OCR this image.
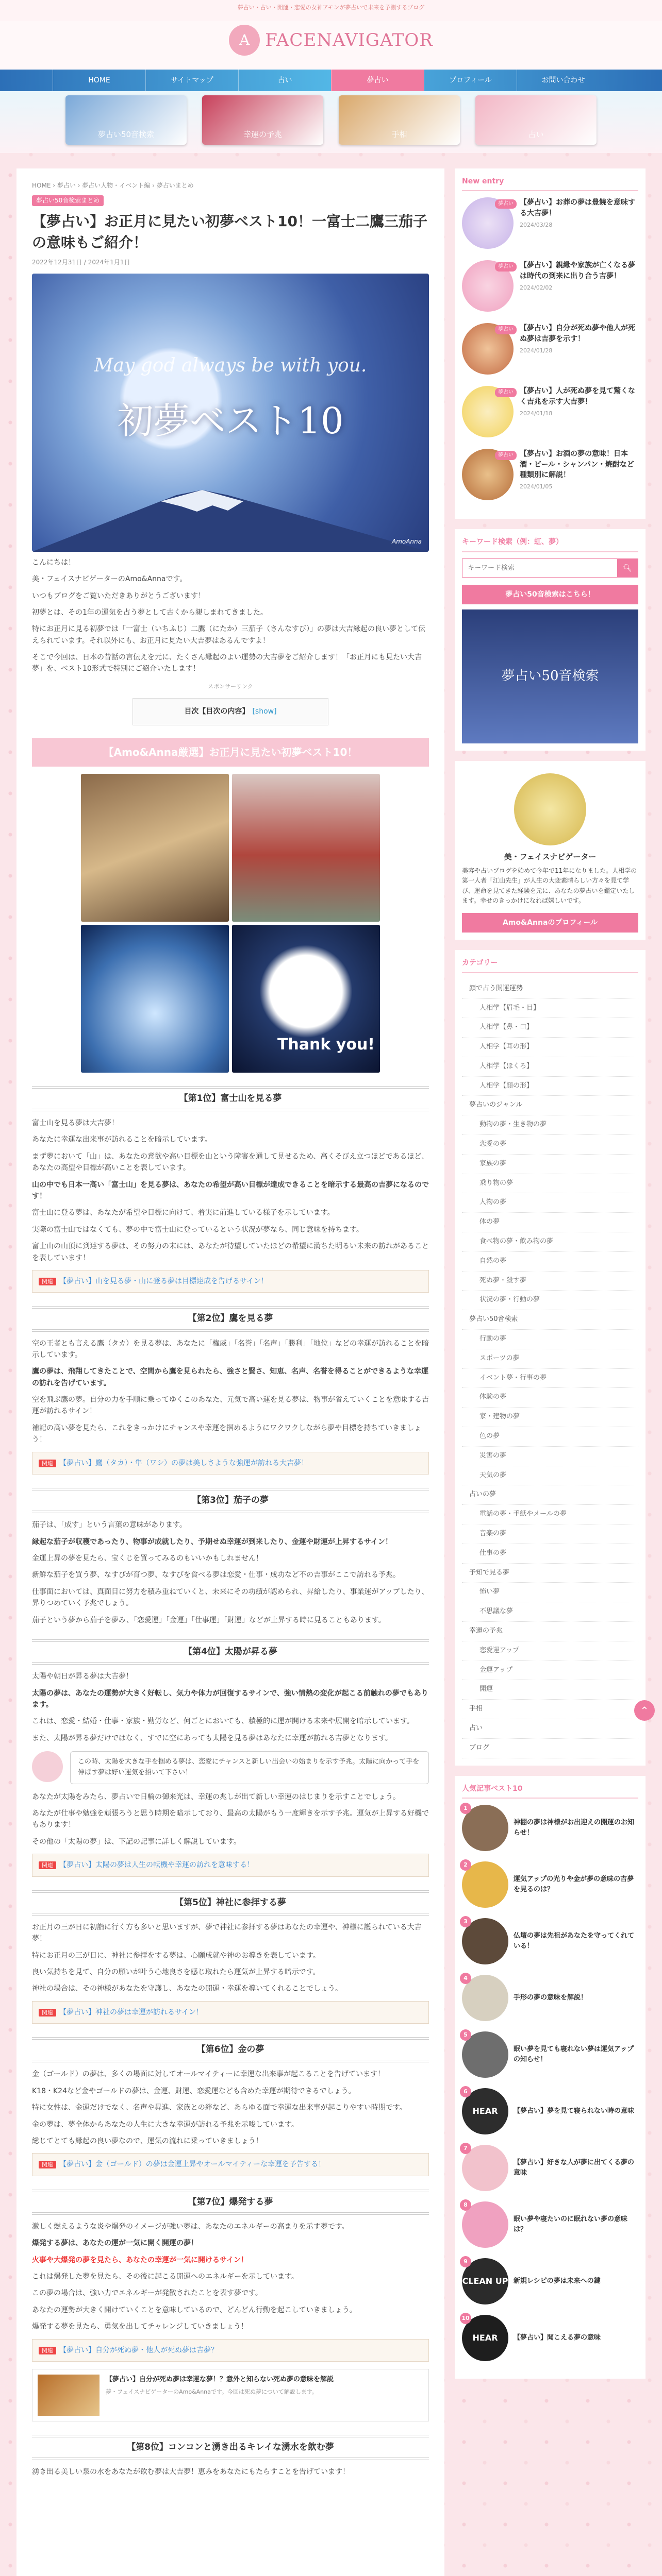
夢占い・占い・開運・恋愛の女神アモンが夢占いで未来を予測するブログ
A FACENAVIGATOR
HOME	サイトマップ	占い	夢占い	プロフィール	お問い合わせ
夢占い50音検索	幸運の予兆	手相	占い
HOME › 夢占い › 夢占い人物・イベント編 › 夢占いまとめ
夢占い50音検索まとめ
【夢占い】お正月に見たい初夢ベスト10！一富士二鷹三茄子の意味もご紹介！
2022年12月31日 / 2024年1月1日
May god always be with you.
初夢ベスト10
AmoAnna

こんにちは！

美・フェイスナビゲーターのAmo&Annaです。

いつもブログをご覧いただきありがとうございます！

初夢とは、その1年の運気を占う夢として古くから親しまれてきました。

特にお正月に見る初夢では「一富士（いちふじ）二鷹（にたか）三茄子（さんなすび）」の夢は大吉縁起の良い夢として伝えられています。それ以外にも、お正月に見たい大吉夢はあるんですよ！

そこで今回は、日本の昔話の言伝えを元に、たくさん縁起のよい運勢の大吉夢をご紹介します！「お正月にも見たい大吉夢」を、ベスト10形式で特別にご紹介いたします！

スポンサーリンク
目次【目次の内容】 [show]
【Amo&Anna厳選】お正月に見たい初夢ベスト10！
Thank you!
【第1位】富士山を見る夢

富士山を見る夢は大吉夢！

あなたに幸運な出来事が訪れることを暗示しています。

まず夢において「山」は、あなたの意欲や高い目標を山という障害を通して見せるため、高くそびえ立つほどであるほど、あなたの高望や目標が高いことを表しています。

山の中でも日本一高い「富士山」を見る夢は、あなたの希望が高い目標が達成できることを暗示する最高の吉夢になるのです！

富士山に登る夢は、あなたが希望や目標に向けて、着実に前進している様子を示しています。

実際の富士山ではなくても、夢の中で富士山に登っているという状況が夢なら、同じ意味を持ちます。

富士山の山頂に到達する夢は、その努力の末には、あなたが待望していたほどの希望に満ちた明るい未来の訪れがあることを表しています！

関連 【夢占い】山を見る夢・山に登る夢は目標達成を告げるサイン！
【第2位】鷹を見る夢

空の王者とも言える鷹（タカ）を見る夢は、あなたに「権威」「名誉」「名声」「勝利」「地位」などの幸運が訪れることを暗示しています。

鷹の夢は、飛翔してきたことで、空間から鷹を見られたら、強さと賢さ、知恵、名声、名誉を得ることができるような幸運の訪れを告げています。

空を飛ぶ鷹の夢。自分の力を手順に乗ってゆくこのあなた、元気で高い運を見る夢は、物事が省えていくことを意味する吉運が訪れるサイン！

補記の高い夢を見たら、これをきっかけにチャンスや幸運を掴めるようにワクワクしながら夢や目標を持ちていきましょう！

関連 【夢占い】鷹（タカ）・隼（ワシ）の夢は美しさような強運が訪れる大吉夢！
【第3位】茄子の夢

茄子は、「成す」という言葉の意味があります。

縁起な茄子が収穫であったり、物事が成就したり、予期せぬ幸運が到来したり、金運や財運が上昇するサイン！

金運上昇の夢を見たら、宝くじを買ってみるのもいいかもしれません！

新鮮な茄子を買う夢、なすびが育つ夢、なすびを食べる夢は恋愛・仕事・成功など不の吉事がここで訪れる予兆。

仕事面においては、真面目に努力を積み重ねていくと、未来にその功績が認められ、昇給したり、事業運がアップしたり、昇りつめていく予兆でしょう。

茄子という夢から茄子を夢み、「恋愛運」「金運」「仕事運」「財運」などが上昇する時に見ることもあります。

【第4位】太陽が昇る夢

太陽や朝日が昇る夢は大吉夢！

太陽の夢は、あなたの運勢が大きく好転し、気力や体力が回復するサインで、強い情熱の変化が起こる前触れの夢でもあります。

これは、恋愛・結婚・仕事・家族・勤労など、何ごとにおいても、積極的に運が開ける未来や展開を暗示しています。

また、太陽が昇る夢だけではなく、すでに空にあっても太陽を見る夢はあなたに幸運が訪れる吉夢となります。

この時、太陽を大きな手を掴める夢は、恋愛にチャンスと新しい出会いの始まりを示す予兆。太陽に向かって手を伸ばす夢は好い運気を招いて下さい！

あなたが太陽をみたら、夢占いで日輪の御来光は、幸運の兆しが出て新しい幸運のはじまりを示すことでしょう。

あなたが仕事や勉強を頑張ろうと思う時期を暗示しており、最高の太陽がもう一度輝きを示す予兆。運気が上昇する好機でもあります！

その他の「太陽の夢」は、下記の記事に詳しく解説しています。

関連 【夢占い】太陽の夢は人生の転機や幸運の訪れを意味する！
【第5位】神社に参拝する夢

お正月の三が日に初詣に行く方も多いと思いますが、夢で神社に参拝する夢はあなたの幸運や、神様に護られている大吉夢！

特にお正月の三が日に、神社に参拝をする夢は、心願成就や神のお導きを表しています。

良い気持ちを見て、自分の願いが叶う心地良さを感じ取れたら運気が上昇する暗示です。

神社の場合は、その神様があなたを守護し、あなたの開運・幸運を導いてくれることでしょう。

関連 【夢占い】神社の夢は幸運が訪れるサイン！
【第6位】金の夢

金（ゴールド）の夢は、多くの場面に対してオールマイティーに幸運な出来事が起こることを告げています！

K18・K24など金やゴールドの夢は、金運、財運、恋愛運なども含めた幸運が期待できるでしょう。

特に女性は、金運だけでなく、名声や昇進、家族との絆など、あらゆる面で幸運な出来事が起こりやすい時期です。

金の夢は、夢全体からあなたの人生に大きな幸運が訪れる予兆を示唆しています。

総じてとても縁起の良い夢なので、運気の流れに乗っていきましょう！

関連 【夢占い】金（ゴールド）の夢は金運上昇やオールマイティーな幸運を予告する！
【第7位】爆発する夢

激しく燃えるような炎や爆発のイメージが強い夢は、あなたのエネルギーの高まりを示す夢です。

爆発する夢は、あなたの運が一気に開く開運の夢！

火事や大爆発の夢を見たら、あなたの幸運が一気に開けるサイン！

これは爆発した夢を見たら、その後に起こる開運へのエネルギーを示しています。

この夢の場合は、強い力でエネルギーが発散されたことを表す夢です。

あなたの運勢が大きく開けていくことを意味しているので、どんどん行動を起こしていきましょう。

爆発する夢を見たら、勇気を出してチャレンジしていきましょう！

関連 【夢占い】自分が死ぬ夢・他人が死ぬ夢は吉夢？
【夢占い】自分が死ぬ夢は幸運な夢！？意外と知らない死ぬ夢の意味を解説
夢・フェイスナビゲーターのAmo&Annaです。今回は死ぬ夢について解説します。
【第8位】コンコンと湧き出るキレイな湧水を飲む夢

湧き出る美しい泉の水をあなたが飲む夢は大吉夢！恵みをあなたにもたらすことを告げています！

New entry
夢占い 【夢占い】お葬の夢は豊饒を意味する大吉夢！
2024/03/28
夢占い 【夢占い】親縁や家族が亡くなる夢は時代の到来に出り合う吉夢！
2024/02/02
夢占い 【夢占い】自分が死ぬ夢や他人が死ぬ夢は吉夢を示す！
2024/01/28
夢占い 【夢占い】人が死ぬ夢を見て驚くなく吉兆を示す大吉夢！
2024/01/18
夢占い 【夢占い】お酒の夢の意味！日本酒・ビール・シャンパン・焼酎など種類別に解説！
2024/01/05
キーワード検索（例：虹、夢）
キーワード検索
🔍︎
夢占い50音検索はこちら！
夢占い50音検索
美・フェイスナビゲーター
美容や占いブログを始めて今年で11年になりました。人相学の第一人者「江山先生」が人生の大変素晴らしい方々を見て学び、運命を見てきた経験を元に、あなたの夢占いを鑑定いたします。幸せのきっかけになれば嬉しいです。
Amo&Annaのプロフィール
カテゴリー
顔で占う開運運勢
人相学【眉毛・目】
人相学【鼻・口】
人相学【耳の形】
人相学【ほくろ】
人相学【顔の形】
夢占いのジャンル
動物の夢・生き物の夢
恋愛の夢
家族の夢
乗り物の夢
人物の夢
体の夢
食べ物の夢・飲み物の夢
自然の夢
死ぬ夢・殺す夢
状況の夢・行動の夢
夢占い50音検索
行動の夢
スポーツの夢
イベント夢・行事の夢
体験の夢
家・建物の夢
色の夢
災害の夢
天気の夢
占いの夢
電話の夢・手紙やメールの夢
音楽の夢
仕事の夢
予知で見る夢
怖い夢
不思議な夢
幸運の予兆
恋愛運アップ
金運アップ
開運
手相
占い
ブログ
人気記事ベスト10
1
神棚の夢は神様がお出迎えの開運のお知らせ！
2
運気アップの光りや金が夢の意味の吉夢を見るのは？
3
仏壇の夢は先祖があなたを守ってくれている！
4
手形の夢の意味を解説！
5
眠い夢を見ても寝れない夢は運気アップの知らせ！
6
HEAR 【夢占い】夢を見て寝られない時の意味
7
【夢占い】好きな人が夢に出てくる夢の意味
8
眠い夢や寝たいのに眠れない夢の意味は？
9
CLEAN UP 新規レシピの夢は未来への鍵
10
HEAR 【夢占い】聞こえる夢の意味
⌃
